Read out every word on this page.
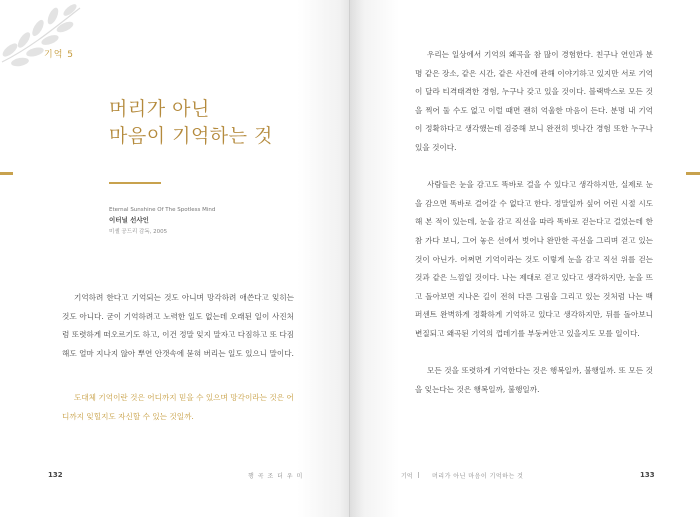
기억 5
머리가 아닌
마음이 기억하는 것
Eternal Sunshine Of The Spotless Mind
이터널 선샤인
미셸 공드리 감독, 2005

기억하려 한다고 기억되는 것도 아니며 망각하려 애쓴다고 잊히는 것도 아니다. 굳이 기억하려고 노력한 일도 없는데 오래된 일이 사진처럼 또렷하게 떠오르기도 하고, 이건 정말 잊지 말자고 다짐하고 또 다짐해도 얼마 지나지 않아 뿌연 안갯속에 묻혀 버리는 일도 있으니 말이다.

도대체 기억이란 것은 어디까지 믿을 수 있으며 망각이라는 것은 어디까지 잊힐지도 자신할 수 있는 것일까.

132	행 곡 조 더 우 미

우리는 일상에서 기억의 왜곡을 참 많이 경험한다. 친구나 연인과 분명 같은 장소, 같은 시간, 같은 사건에 관해 이야기하고 있지만 서로 기억이 달라 티격태격한 경험, 누구나 갖고 있을 것이다. 블랙박스로 모든 것을 찍어 둘 수도 없고 이럴 때면 괜히 억울한 마음이 든다. 분명 내 기억이 정확하다고 생각했는데 검증해 보니 완전히 빗나간 경험 또한 누구나 있을 것이다.

사람들은 눈을 감고도 똑바로 걸을 수 있다고 생각하지만, 실제로 눈을 감으면 똑바로 걸어갈 수 없다고 한다. 정말일까 싶어 어린 시절 시도해 본 적이 있는데, 눈을 감고 직선을 따라 똑바로 걷는다고 걸었는데 한참 가다 보니, 그어 놓은 선에서 벗어나 완만한 곡선을 그리며 걷고 있는 것이 아닌가. 어쩌면 기억이라는 것도 이렇게 눈을 감고 직선 위를 걷는 것과 같은 느낌일 것이다. 나는 제대로 걷고 있다고 생각하지만, 눈을 뜨고 돌아보면 지나온 길이 전혀 다른 그림을 그리고 있는 것처럼 나는 백퍼센트 완벽하게 정확하게 기억하고 있다고 생각하지만, 뒤를 돌아보니 변질되고 왜곡된 기억의 껍데기를 부둥켜안고 있을지도 모를 일이다.

모든 것을 또렷하게 기억한다는 것은 행복일까, 불행일까. 또 모든 것을 잊는다는 것은 행복일까, 불행일까.

기억	머리가 아닌 마음이 기억하는 것	133
